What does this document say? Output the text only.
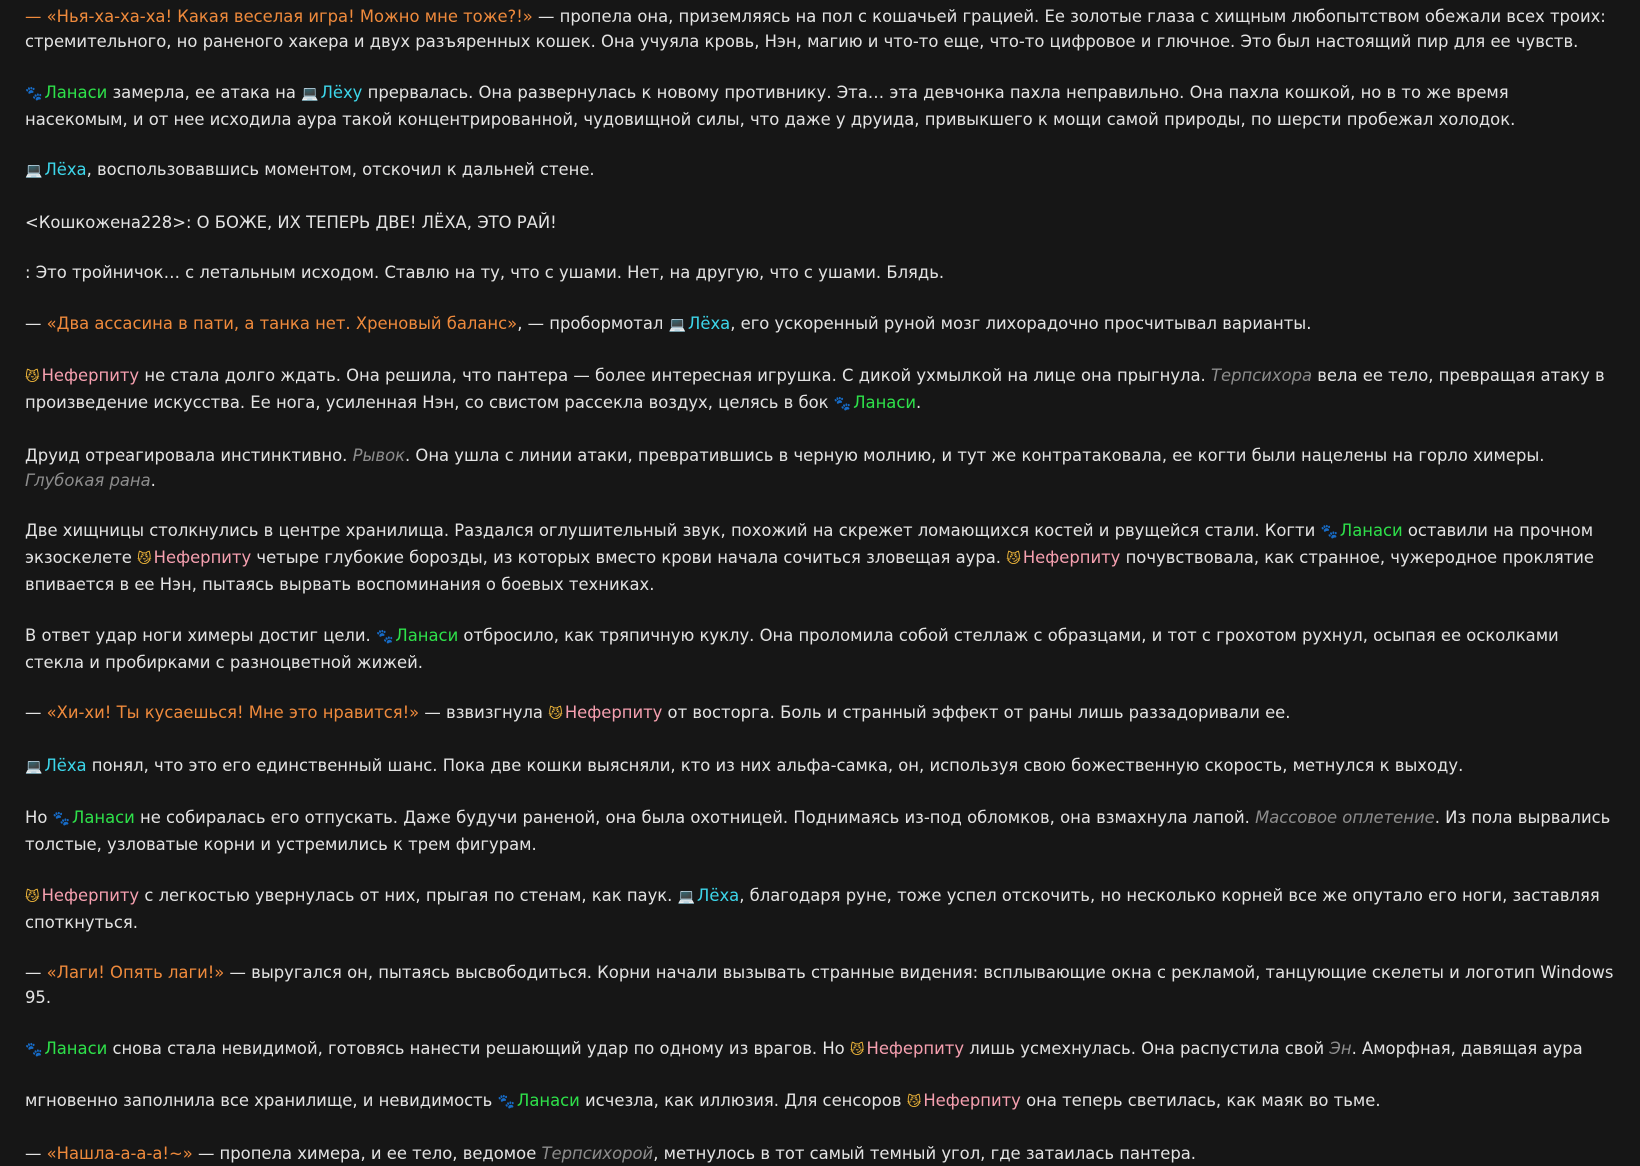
— «Нья-ха-ха-ха! Какая веселая игра! Можно мне тоже?!» — пропела она, приземляясь на пол с кошачьей грацией. Ее золотые глаза с хищным любопытством обежали всех троих: стремительного, но раненого хакера и двух разъяренных кошек. Она учуяла кровь, Нэн, магию и что-то еще, что-то цифровое и глючное. Это был настоящий пир для ее чувств.

🐾 Ланаси замерла, ее атака на 💻 Лёху прервалась. Она развернулась к новому противнику. Эта… эта девчонка пахла неправильно. Она пахла кошкой, но в то же время насекомым, и от нее исходила аура такой концентрированной, чудовищной силы, что даже у друида, привыкшего к мощи самой природы, по шерсти пробежал холодок.

💻 Лёха, воспользовавшись моментом, отскочил к дальней стене.

<Кошкожена228>: О БОЖЕ, ИХ ТЕПЕРЬ ДВЕ! ЛЁХА, ЭТО РАЙ!

: Это тройничок… с летальным исходом. Ставлю на ту, что с ушами. Нет, на другую, что с ушами. Блядь.

— «Два ассасина в пати, а танка нет. Хреновый баланс», — пробормотал 💻 Лёха, его ускоренный руной мозг лихорадочно просчитывал варианты.

😼 Неферпиту не стала долго ждать. Она решила, что пантера — более интересная игрушка. С дикой ухмылкой на лице она прыгнула. Терпсихора вела ее тело, превращая атаку в произведение искусства. Ее нога, усиленная Нэн, со свистом рассекла воздух, целясь в бок 🐾 Ланаси.

Друид отреагировала инстинктивно. Рывок. Она ушла с линии атаки, превратившись в черную молнию, и тут же контратаковала, ее когти были нацелены на горло химеры. Глубокая рана.

Две хищницы столкнулись в центре хранилища. Раздался оглушительный звук, похожий на скрежет ломающихся костей и рвущейся стали. Когти 🐾 Ланаси оставили на прочном экзоскелете 😼 Неферпиту четыре глубокие борозды, из которых вместо крови начала сочиться зловещая аура. 😼 Неферпиту почувствовала, как странное, чужеродное проклятие впивается в ее Нэн, пытаясь вырвать воспоминания о боевых техниках.

В ответ удар ноги химеры достиг цели. 🐾 Ланаси отбросило, как тряпичную куклу. Она проломила собой стеллаж с образцами, и тот с грохотом рухнул, осыпая ее осколками стекла и пробирками с разноцветной жижей.

— «Хи-хи! Ты кусаешься! Мне это нравится!» — взвизгнула 😼 Неферпиту от восторга. Боль и странный эффект от раны лишь раззадоривали ее.

💻 Лёха понял, что это его единственный шанс. Пока две кошки выясняли, кто из них альфа-самка, он, используя свою божественную скорость, метнулся к выходу.

Но 🐾 Ланаси не собиралась его отпускать. Даже будучи раненой, она была охотницей. Поднимаясь из-под обломков, она взмахнула лапой. Массовое оплетение. Из пола вырвались толстые, узловатые корни и устремились к трем фигурам.

😼 Неферпиту с легкостью увернулась от них, прыгая по стенам, как паук. 💻 Лёха, благодаря руне, тоже успел отскочить, но несколько корней все же опутало его ноги, заставляя споткнуться.

— «Лаги! Опять лаги!» — выругался он, пытаясь высвободиться. Корни начали вызывать странные видения: всплывающие окна с рекламой, танцующие скелеты и логотип Windows 95.

🐾 Ланаси снова стала невидимой, готовясь нанести решающий удар по одному из врагов. Но 😼 Неферпиту лишь усмехнулась. Она распустила свой Эн. Аморфная, давящая аура

мгновенно заполнила все хранилище, и невидимость 🐾 Ланаси исчезла, как иллюзия. Для сенсоров 😼 Неферпиту она теперь светилась, как маяк во тьме.

— «Нашла-а-а-а!~» — пропела химера, и ее тело, ведомое Терпсихорой, метнулось в тот самый темный угол, где затаилась пантера.
